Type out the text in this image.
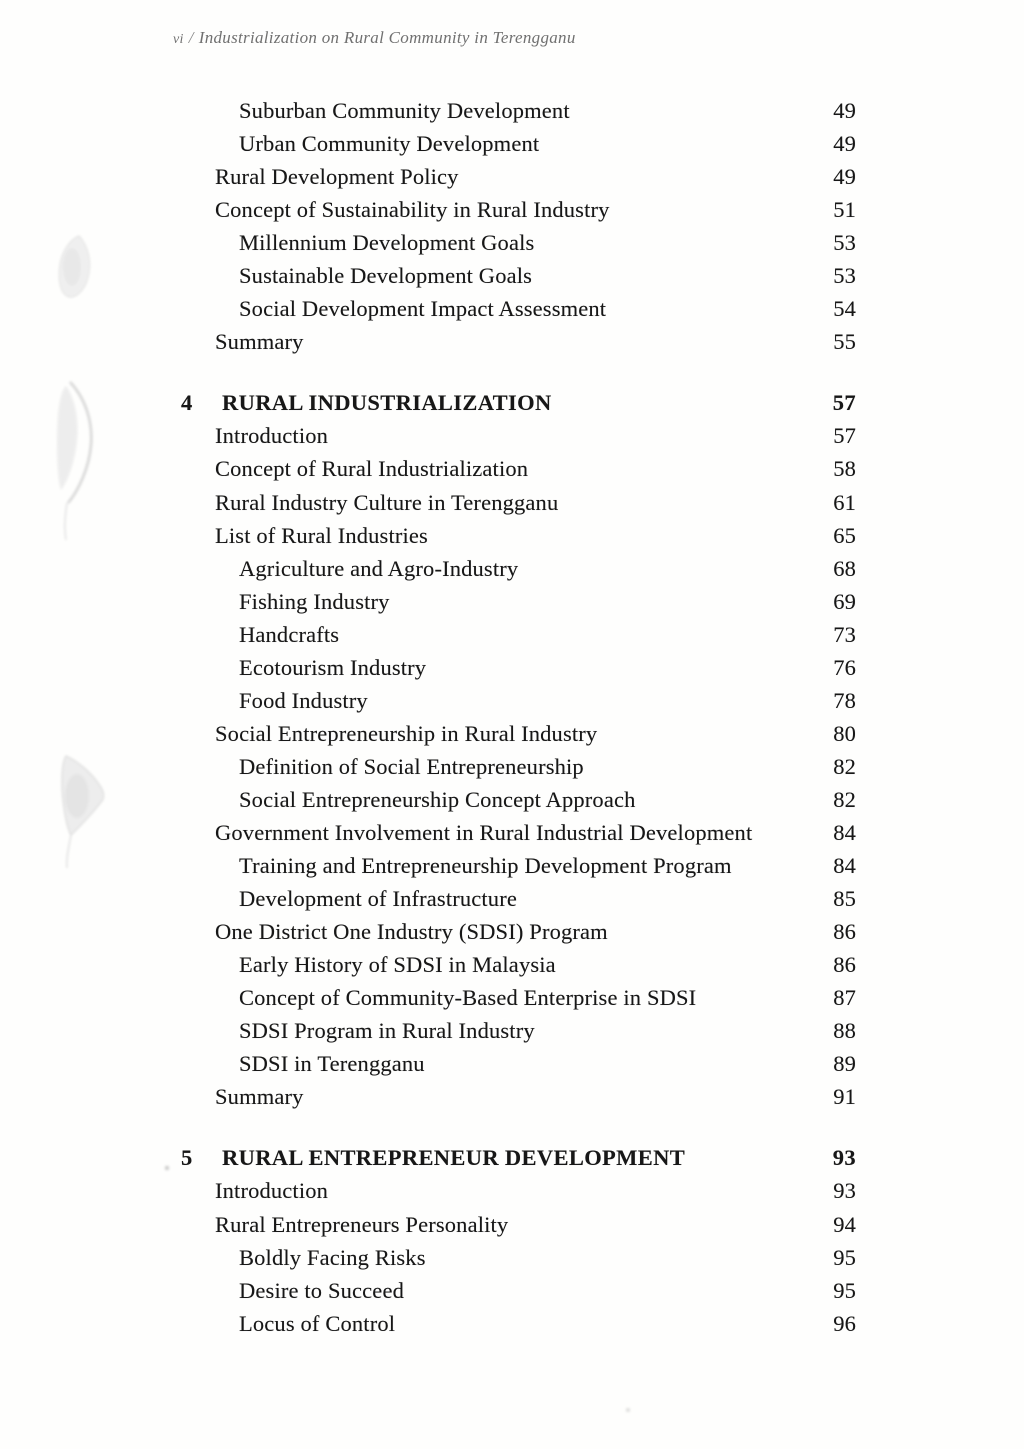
vi / Industrialization on Rural Community in Terengganu
Suburban Community Development	49
Urban Community Development	49
Rural Development Policy	49
Concept of Sustainability in Rural Industry	51
Millennium Development Goals	53
Sustainable Development Goals	53
Social Development Impact Assessment	54
Summary	55
4	RURAL INDUSTRIALIZATION	57
Introduction	57
Concept of Rural Industrialization	58
Rural Industry Culture in Terengganu	61
List of Rural Industries	65
Agriculture and Agro-Industry	68
Fishing Industry	69
Handcrafts	73
Ecotourism Industry	76
Food Industry	78
Social Entrepreneurship in Rural Industry	80
Definition of Social Entrepreneurship	82
Social Entrepreneurship Concept Approach	82
Government Involvement in Rural Industrial Development	84
Training and Entrepreneurship Development Program	84
Development of Infrastructure	85
One District One Industry (SDSI) Program	86
Early History of SDSI in Malaysia	86
Concept of Community-Based Enterprise in SDSI	87
SDSI Program in Rural Industry	88
SDSI in Terengganu	89
Summary	91
5	RURAL ENTREPRENEUR DEVELOPMENT	93
Introduction	93
Rural Entrepreneurs Personality	94
Boldly Facing Risks	95
Desire to Succeed	95
Locus of Control	96
